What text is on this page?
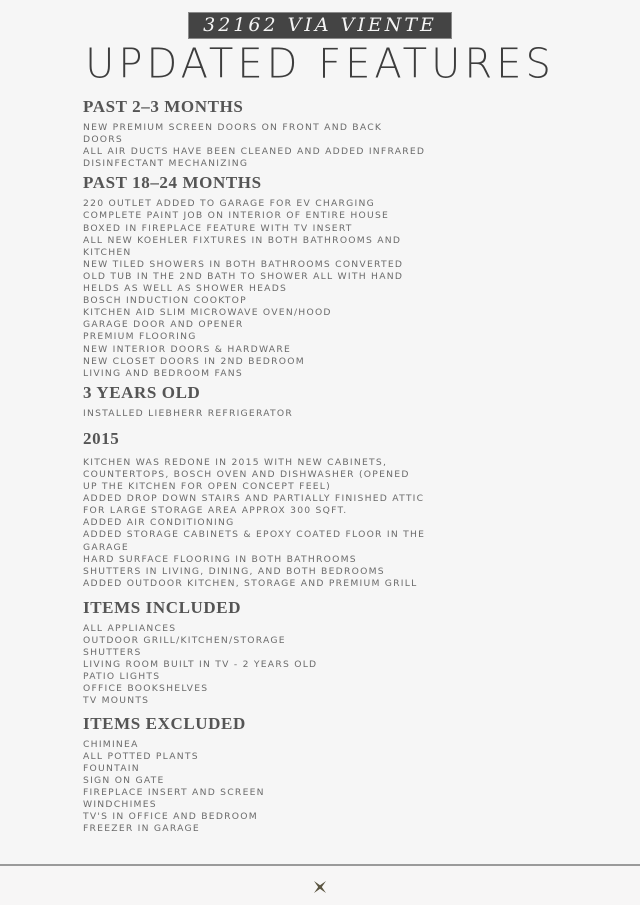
32162 VIA VIENTE
UPDATED FEATURES
PAST 2–3 MONTHS
NEW PREMIUM SCREEN DOORS ON FRONT AND BACK
DOORS
ALL AIR DUCTS HAVE BEEN CLEANED AND ADDED INFRARED
DISINFECTANT MECHANIZING
PAST 18–24 MONTHS
220 OUTLET ADDED TO GARAGE FOR EV CHARGING
COMPLETE PAINT JOB ON INTERIOR OF ENTIRE HOUSE
BOXED IN FIREPLACE FEATURE WITH TV INSERT
ALL NEW KOEHLER FIXTURES IN BOTH BATHROOMS AND
KITCHEN
NEW TILED SHOWERS IN BOTH BATHROOMS CONVERTED
OLD TUB IN THE 2ND BATH TO SHOWER ALL WITH HAND
HELDS AS WELL AS SHOWER HEADS
BOSCH INDUCTION COOKTOP
KITCHEN AID SLIM MICROWAVE OVEN/HOOD
GARAGE DOOR AND OPENER
PREMIUM FLOORING
NEW INTERIOR DOORS & HARDWARE
NEW CLOSET DOORS IN 2ND BEDROOM
LIVING AND BEDROOM FANS
3 YEARS OLD
INSTALLED LIEBHERR REFRIGERATOR
2015
KITCHEN WAS REDONE IN 2015 WITH NEW CABINETS,
COUNTERTOPS, BOSCH OVEN AND DISHWASHER (OPENED
UP THE KITCHEN FOR OPEN CONCEPT FEEL)
ADDED DROP DOWN STAIRS AND PARTIALLY FINISHED ATTIC
FOR LARGE STORAGE AREA APPROX 300 SQFT.
ADDED AIR CONDITIONING
ADDED STORAGE CABINETS & EPOXY COATED FLOOR IN THE
GARAGE
HARD SURFACE FLOORING IN BOTH BATHROOMS
SHUTTERS IN LIVING, DINING, AND BOTH BEDROOMS
ADDED OUTDOOR KITCHEN, STORAGE AND PREMIUM GRILL
ITEMS INCLUDED
ALL APPLIANCES
OUTDOOR GRILL/KITCHEN/STORAGE
SHUTTERS
LIVING ROOM BUILT IN TV - 2 YEARS OLD
PATIO LIGHTS
OFFICE BOOKSHELVES
TV MOUNTS
ITEMS EXCLUDED
CHIMINEA
ALL POTTED PLANTS
FOUNTAIN
SIGN ON GATE
FIREPLACE INSERT AND SCREEN
WINDCHIMES
TV'S IN OFFICE AND BEDROOM
FREEZER IN GARAGE
